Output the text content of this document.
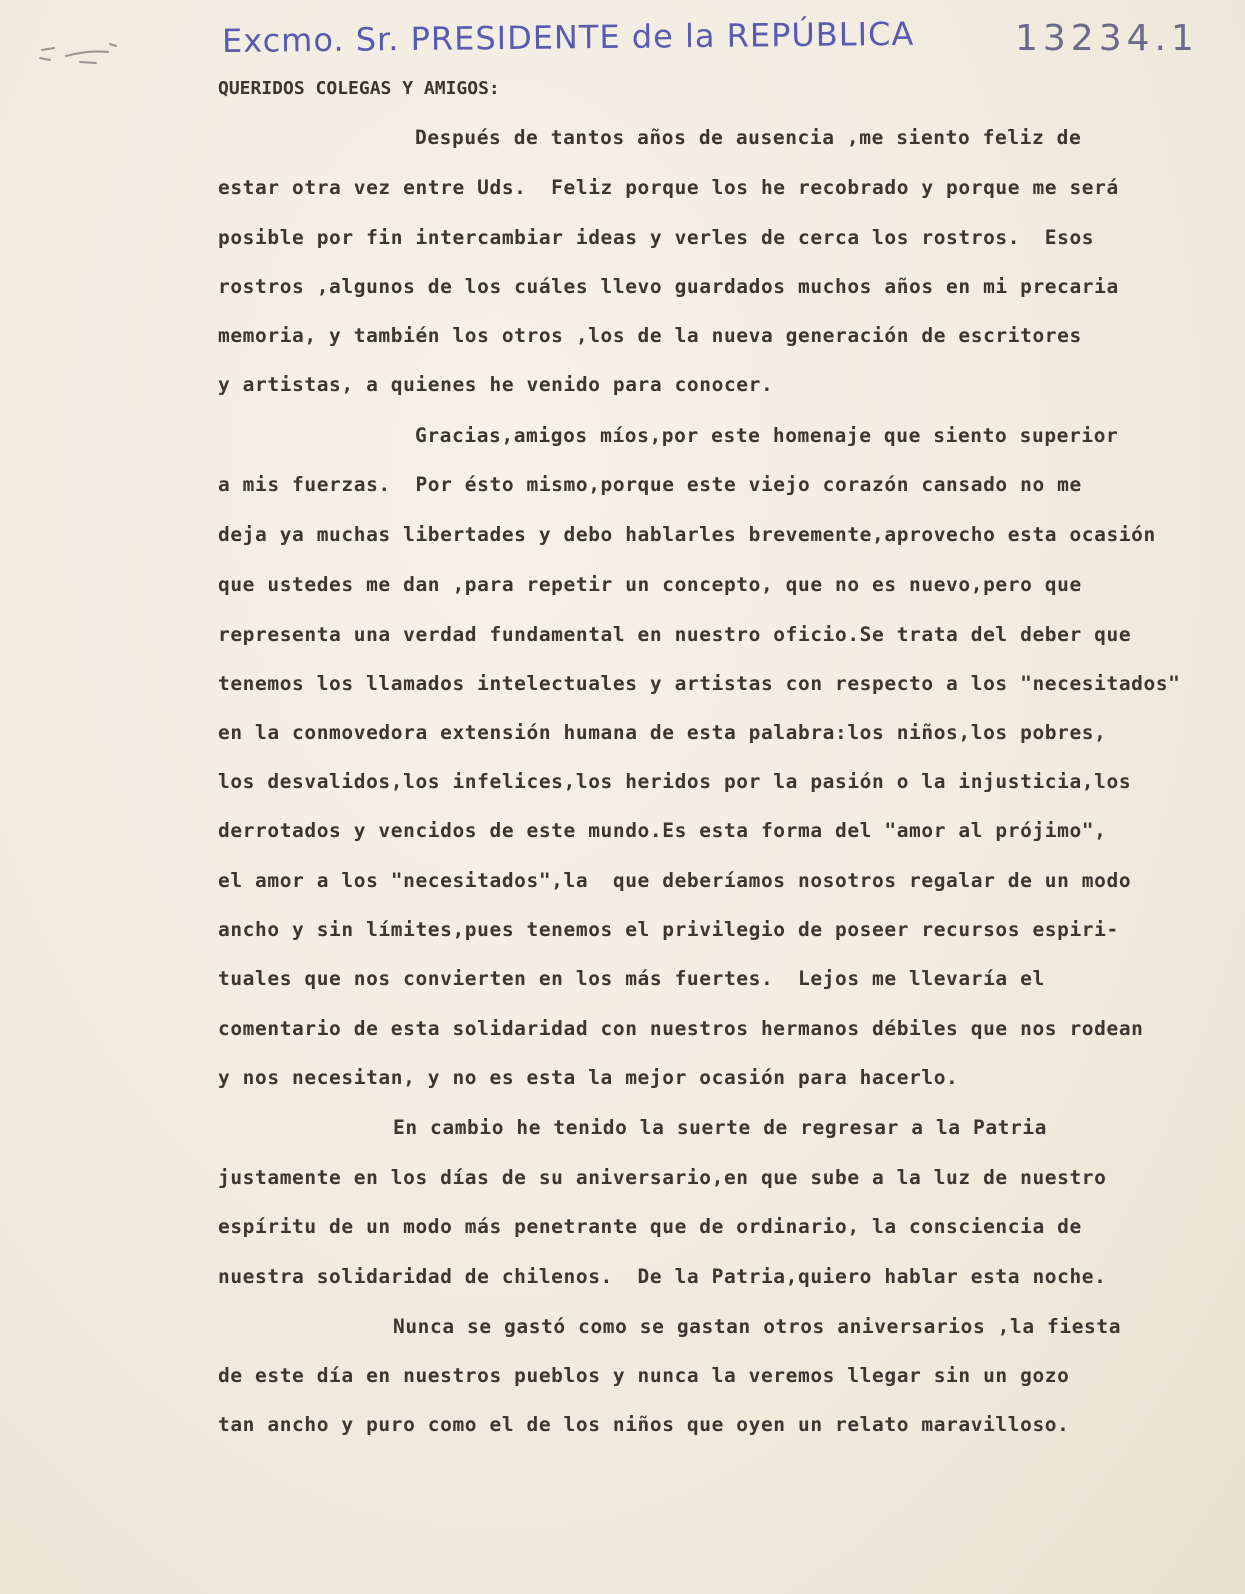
Excmo. Sr. PRESIDENTE de la REPÚBLICA	13234.1
QUERIDOS COLEGAS Y AMIGOS:
Después de tantos años de ausencia ,me siento feliz de
estar otra vez entre Uds.  Feliz porque los he recobrado y porque me será
posible por fin intercambiar ideas y verles de cerca los rostros.  Esos
rostros ,algunos de los cuáles llevo guardados muchos años en mi precaria
memoria, y también los otros ,los de la nueva generación de escritores
y artistas, a quienes he venido para conocer.
Gracias,amigos míos,por este homenaje que siento superior
a mis fuerzas.  Por ésto mismo,porque este viejo corazón cansado no me
deja ya muchas libertades y debo hablarles brevemente,aprovecho esta ocasión
que ustedes me dan ,para repetir un concepto, que no es nuevo,pero que
representa una verdad fundamental en nuestro oficio.Se trata del deber que
tenemos los llamados intelectuales y artistas con respecto a los "necesitados"
en la conmovedora extensión humana de esta palabra:los niños,los pobres,
los desvalidos,los infelices,los heridos por la pasión o la injusticia,los
derrotados y vencidos de este mundo.Es esta forma del "amor al prójimo",
el amor a los "necesitados",la  que deberíamos nosotros regalar de un modo
ancho y sin límites,pues tenemos el privilegio de poseer recursos espiri-
tuales que nos convierten en los más fuertes.  Lejos me llevaría el
comentario de esta solidaridad con nuestros hermanos débiles que nos rodean
y nos necesitan, y no es esta la mejor ocasión para hacerlo.
En cambio he tenido la suerte de regresar a la Patria
justamente en los días de su aniversario,en que sube a la luz de nuestro
espíritu de un modo más penetrante que de ordinario, la consciencia de
nuestra solidaridad de chilenos.  De la Patria,quiero hablar esta noche.
Nunca se gastó como se gastan otros aniversarios ,la fiesta
de este día en nuestros pueblos y nunca la veremos llegar sin un gozo
tan ancho y puro como el de los niños que oyen un relato maravilloso.
